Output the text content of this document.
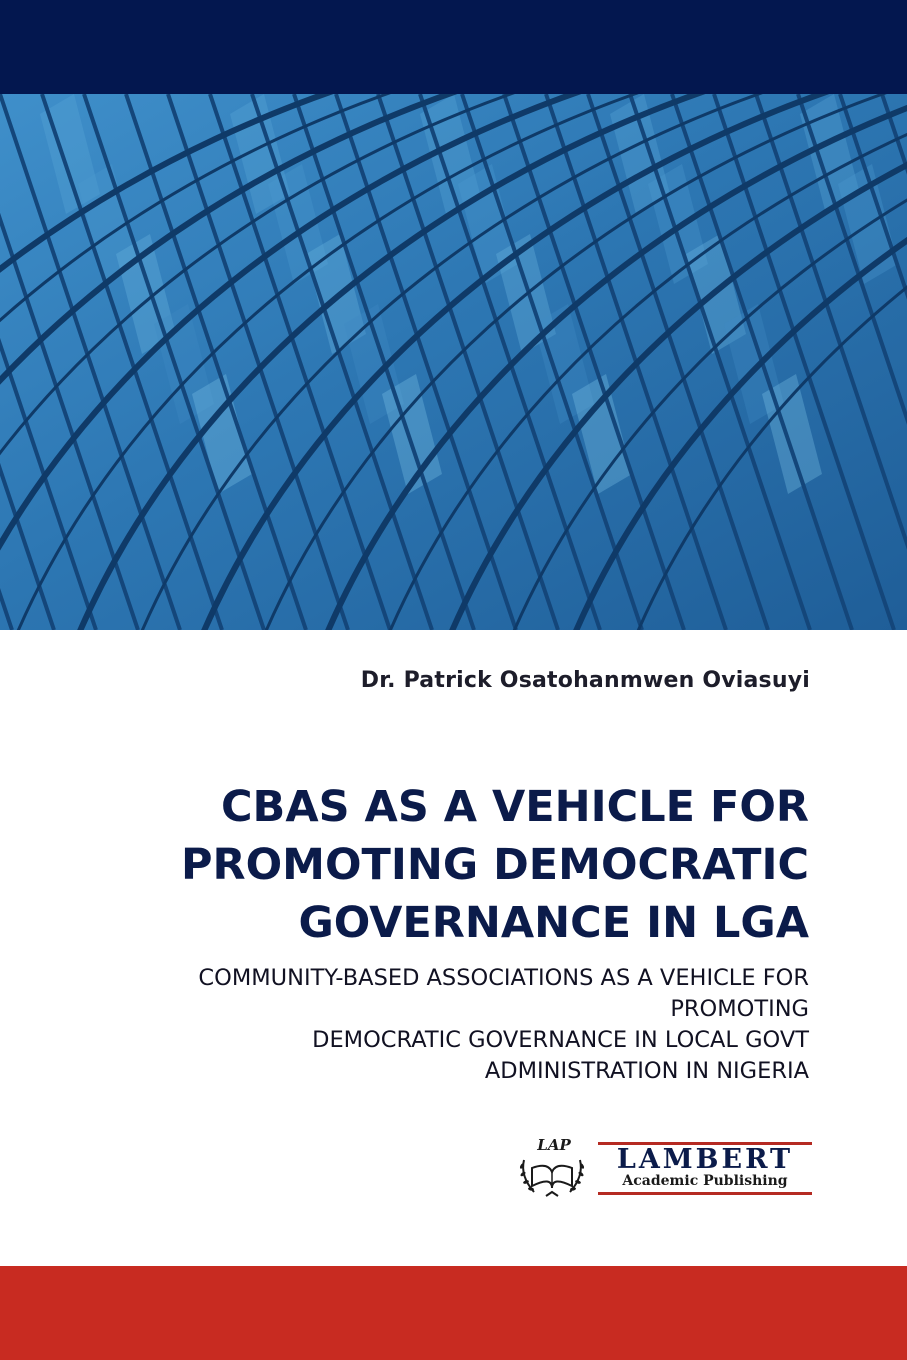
Dr. Patrick Osatohanmwen Oviasuyi
CBAS AS A VEHICLE FOR
PROMOTING DEMOCRATIC
GOVERNANCE IN LGA
COMMUNITY-BASED ASSOCIATIONS AS A VEHICLE FOR
PROMOTING
DEMOCRATIC GOVERNANCE IN LOCAL GOVT
ADMINISTRATION IN NIGERIA
LAP	LAMBERT
Academic Publishing
